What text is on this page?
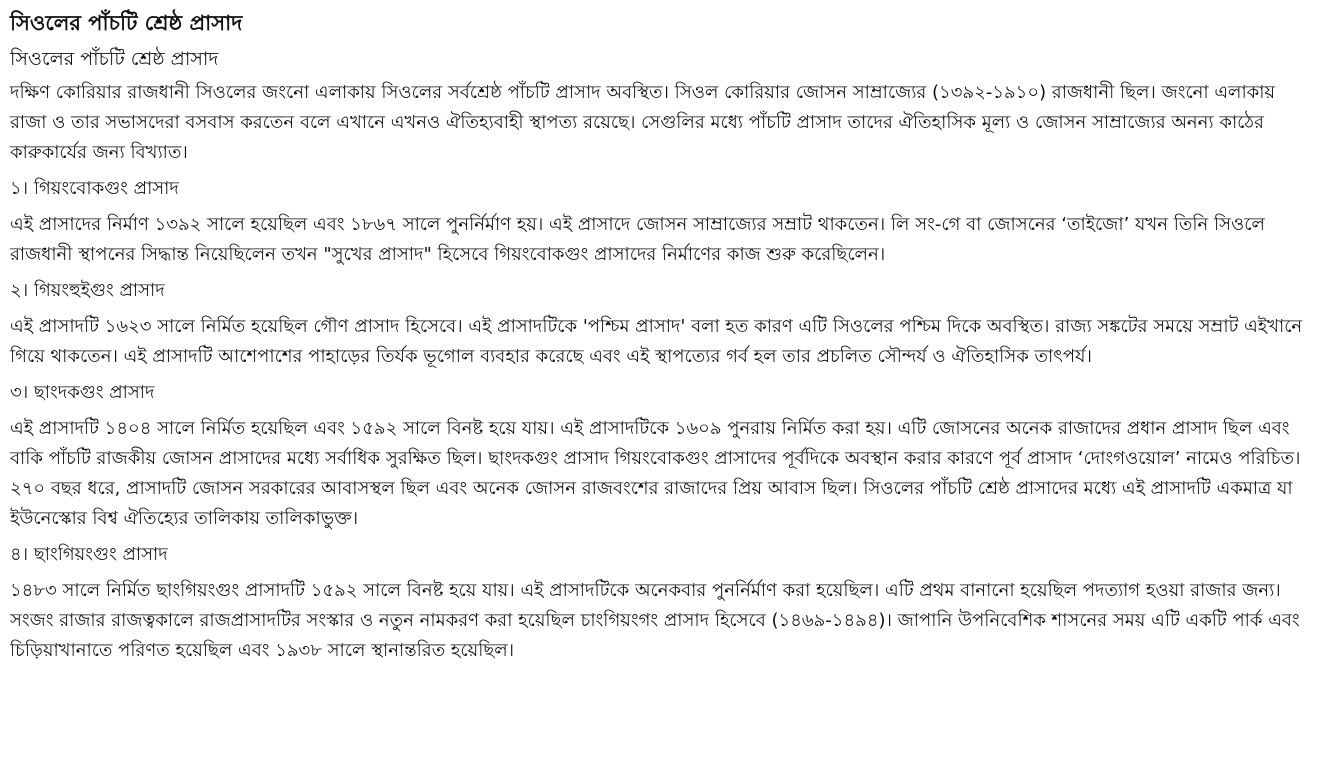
সিওলের পাঁচটি শ্রেষ্ঠ প্রাসাদ
সিওলের পাঁচটি শ্রেষ্ঠ প্রাসাদ
দক্ষিণ কোরিয়ার রাজধানী সিওলের জংনো এলাকায় সিওলের সর্বশ্রেষ্ঠ পাঁচটি প্রাসাদ অবস্থিত। সিওল কোরিয়ার জোসন সাম্রাজ্যের (১৩৯২-১৯১০) রাজধানী ছিল। জংনো এলাকায় রাজা ও তার সভাসদেরা বসবাস করতেন বলে এখানে এখনও ঐতিহ্যবাহী স্থাপত্য রয়েছে। সেগুলির মধ্যে পাঁচটি প্রাসাদ তাদের ঐতিহাসিক মূল্য ও জোসন সাম্রাজ্যের অনন্য কাঠের কারুকার্যের জন্য বিখ্যাত।
১। গিয়ংবোকগুং প্রাসাদ
এই প্রাসাদের নির্মাণ ১৩৯২ সালে হয়েছিল এবং ১৮৬৭ সালে পুনর্নির্মাণ হয়। এই প্রাসাদে জোসন সাম্রাজ্যের সম্রাট থাকতেন। লি সং-গে বা জোসনের ‘তাইজো’ যখন তিনি সিওলে রাজধানী স্থাপনের সিদ্ধান্ত নিয়েছিলেন তখন "সুখের প্রাসাদ" হিসেবে গিয়ংবোকগুং প্রাসাদের নির্মাণের কাজ শুরু করেছিলেন।
২। গিয়ংহুইগুং প্রাসাদ
এই প্রাসাদটি ১৬২৩ সালে নির্মিত হয়েছিল গৌণ প্রাসাদ হিসেবে। এই প্রাসাদটিকে 'পশ্চিম প্রাসাদ' বলা হত কারণ এটি সিওলের পশ্চিম দিকে অবস্থিত। রাজ্য সঙ্কটের সময়ে সম্রাট এইখানে গিয়ে থাকতেন। এই প্রাসাদটি আশেপাশের পাহাড়ের তির্যক ভূগোল ব্যবহার করেছে এবং এই স্থাপত্যের গর্ব হল তার প্রচলিত সৌন্দর্য ও ঐতিহাসিক তাৎপর্য।
৩। ছাংদকগুং প্রাসাদ
এই প্রাসাদটি ১৪০৪ সালে নির্মিত হয়েছিল এবং ১৫৯২ সালে বিনষ্ট হয়ে যায়। এই প্রাসাদটিকে ১৬০৯ পুনরায় নির্মিত করা হয়। এটি জোসনের অনেক রাজাদের প্রধান প্রাসাদ ছিল এবং বাকি পাঁচটি রাজকীয় জোসন প্রাসাদের মধ্যে সর্বাধিক সুরক্ষিত ছিল। ছাংদকগুং প্রাসাদ গিয়ংবোকগুং প্রাসাদের পূর্বদিকে অবস্থান করার কারণে পূর্ব প্রাসাদ ‘দোংগওয়োল’ নামেও পরিচিত। ২৭০ বছর ধরে, প্রাসাদটি জোসন সরকারের আবাসস্থল ছিল এবং অনেক জোসন রাজবংশের রাজাদের প্রিয় আবাস ছিল। সিওলের পাঁচটি শ্রেষ্ঠ প্রাসাদের মধ্যে এই প্রাসাদটি একমাত্র যা ইউনেস্কোর বিশ্ব ঐতিহ্যের তালিকায় তালিকাভুক্ত।
৪। ছাংগিয়ংগুং প্রাসাদ
১৪৮৩ সালে নির্মিত ছাংগিয়ংগুং প্রাসাদটি ১৫৯২ সালে বিনষ্ট হয়ে যায়। এই প্রাসাদটিকে অনেকবার পুনর্নির্মাণ করা হয়েছিল। এটি প্রথম বানানো হয়েছিল পদত্যাগ হওয়া রাজার জন্য। সংজং রাজার রাজত্বকালে রাজপ্রাসাদটির সংস্কার ও নতুন নামকরণ করা হয়েছিল চাংগিয়ংগং প্রাসাদ হিসেবে (১৪৬৯-১৪৯৪)। জাপানি উপনিবেশিক শাসনের সময় এটি একটি পার্ক এবং চিড়িয়াখানাতে পরিণত হয়েছিল এবং ১৯৩৮ সালে স্থানান্তরিত হয়েছিল।
